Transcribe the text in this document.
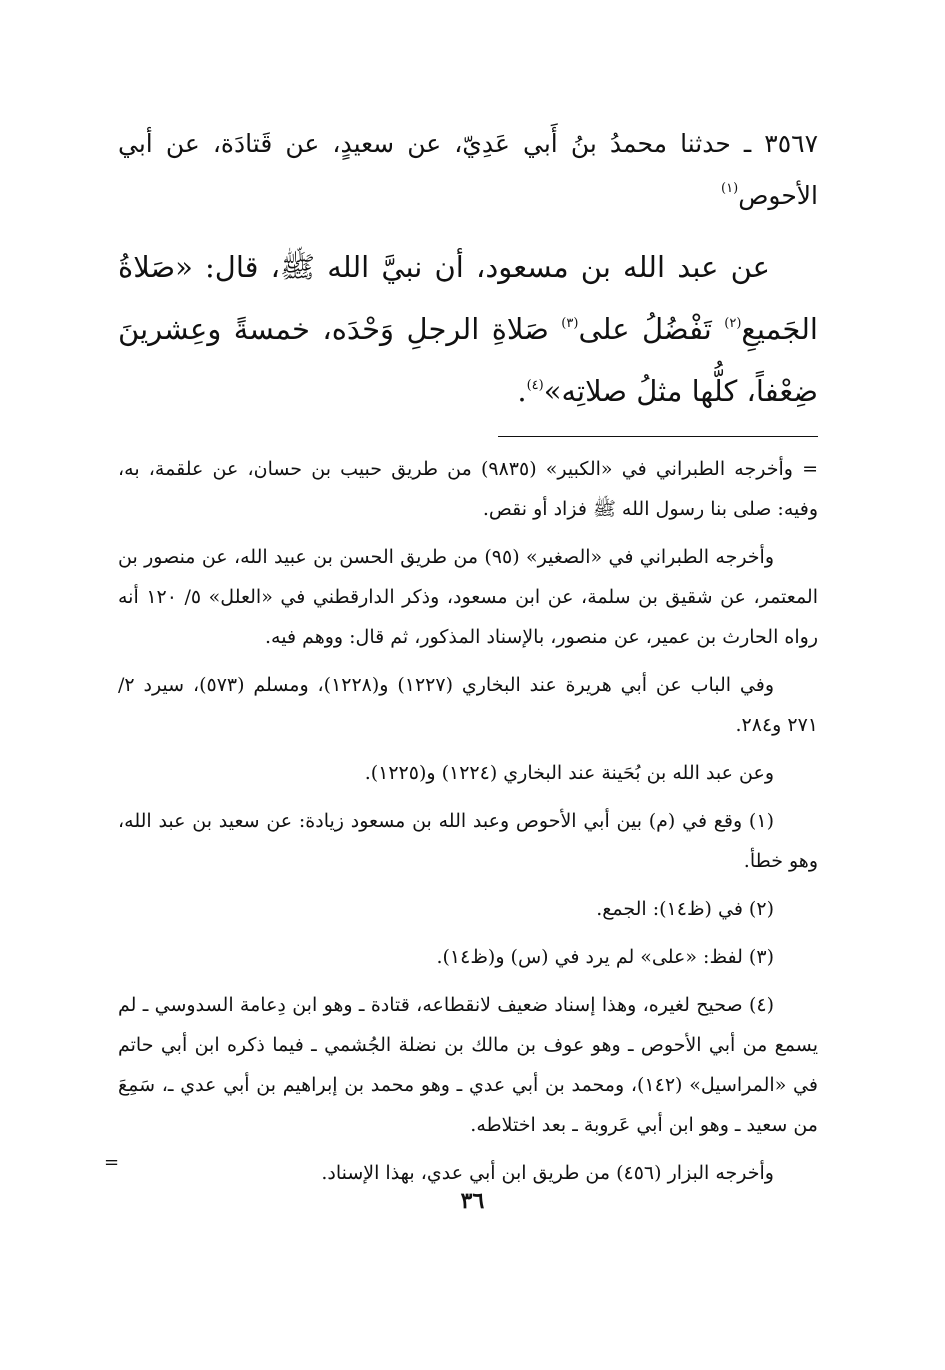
٣٥٦٧ ـ حدثنا محمدُ بنُ أَبي عَدِيّ، عن سعيدٍ، عن قَتادَة، عن أبي الأحوص$^{(١)}$

عن عبد الله بن مسعود، أن نبيَّ الله ﷺ، قال: «صَلاةُ الجَميعِ$^{(٢)}$ تَفْضُلُ على$^{(٣)}$ صَلاةِ الرجلِ وَحْدَه، خمسةً وعِشرينَ ضِعْفاً، كلُّها مثلُ صلاتِه»$^{(٤)}$.

= وأخرجه الطبراني في «الكبير» (٩٨٣٥) من طريق حبيب بن حسان، عن علقمة، به، وفيه: صلى بنا رسول الله ﷺ فزاد أو نقص.

وأخرجه الطبراني في «الصغير» (٩٥) من طريق الحسن بن عبيد الله، عن منصور بن المعتمر، عن شقيق بن سلمة، عن ابن مسعود، وذكر الدارقطني في «العلل» ٥/ ١٢٠ أنه رواه الحارث بن عمير، عن منصور، بالإسناد المذكور، ثم قال: ووهم فيه.

وفي الباب عن أبي هريرة عند البخاري (١٢٢٧) و(١٢٢٨)، ومسلم (٥٧٣)، سيرد ٢/ ٢٧١ و٢٨٤.

وعن عبد الله بن بُحَينة عند البخاري (١٢٢٤) و(١٢٢٥).

(١) وقع في (م) بين أبي الأحوص وعبد الله بن مسعود زيادة: عن سعيد بن عبد الله، وهو خطأ.

(٢) في (ظ١٤): الجمع.

(٣) لفظ: «على» لم يرد في (س) و(ظ١٤).

(٤) صحيح لغيره، وهذا إسناد ضعيف لانقطاعه، قتادة ـ وهو ابن دِعامة السدوسي ـ لم يسمع من أبي الأحوص ـ وهو عوف بن مالك بن نضلة الجُشمي ـ فيما ذكره ابن أبي حاتم في «المراسيل» (١٤٢)، ومحمد بن أبي عدي ـ وهو محمد بن إبراهيم بن أبي عدي ـ، سَمِعَ من سعيد ـ وهو ابن أبي عَروبة ـ بعد اختلاطه.

وأخرجه البزار (٤٥٦) من طريق ابن أبي عدي، بهذا الإسناد.

=
٣٦
